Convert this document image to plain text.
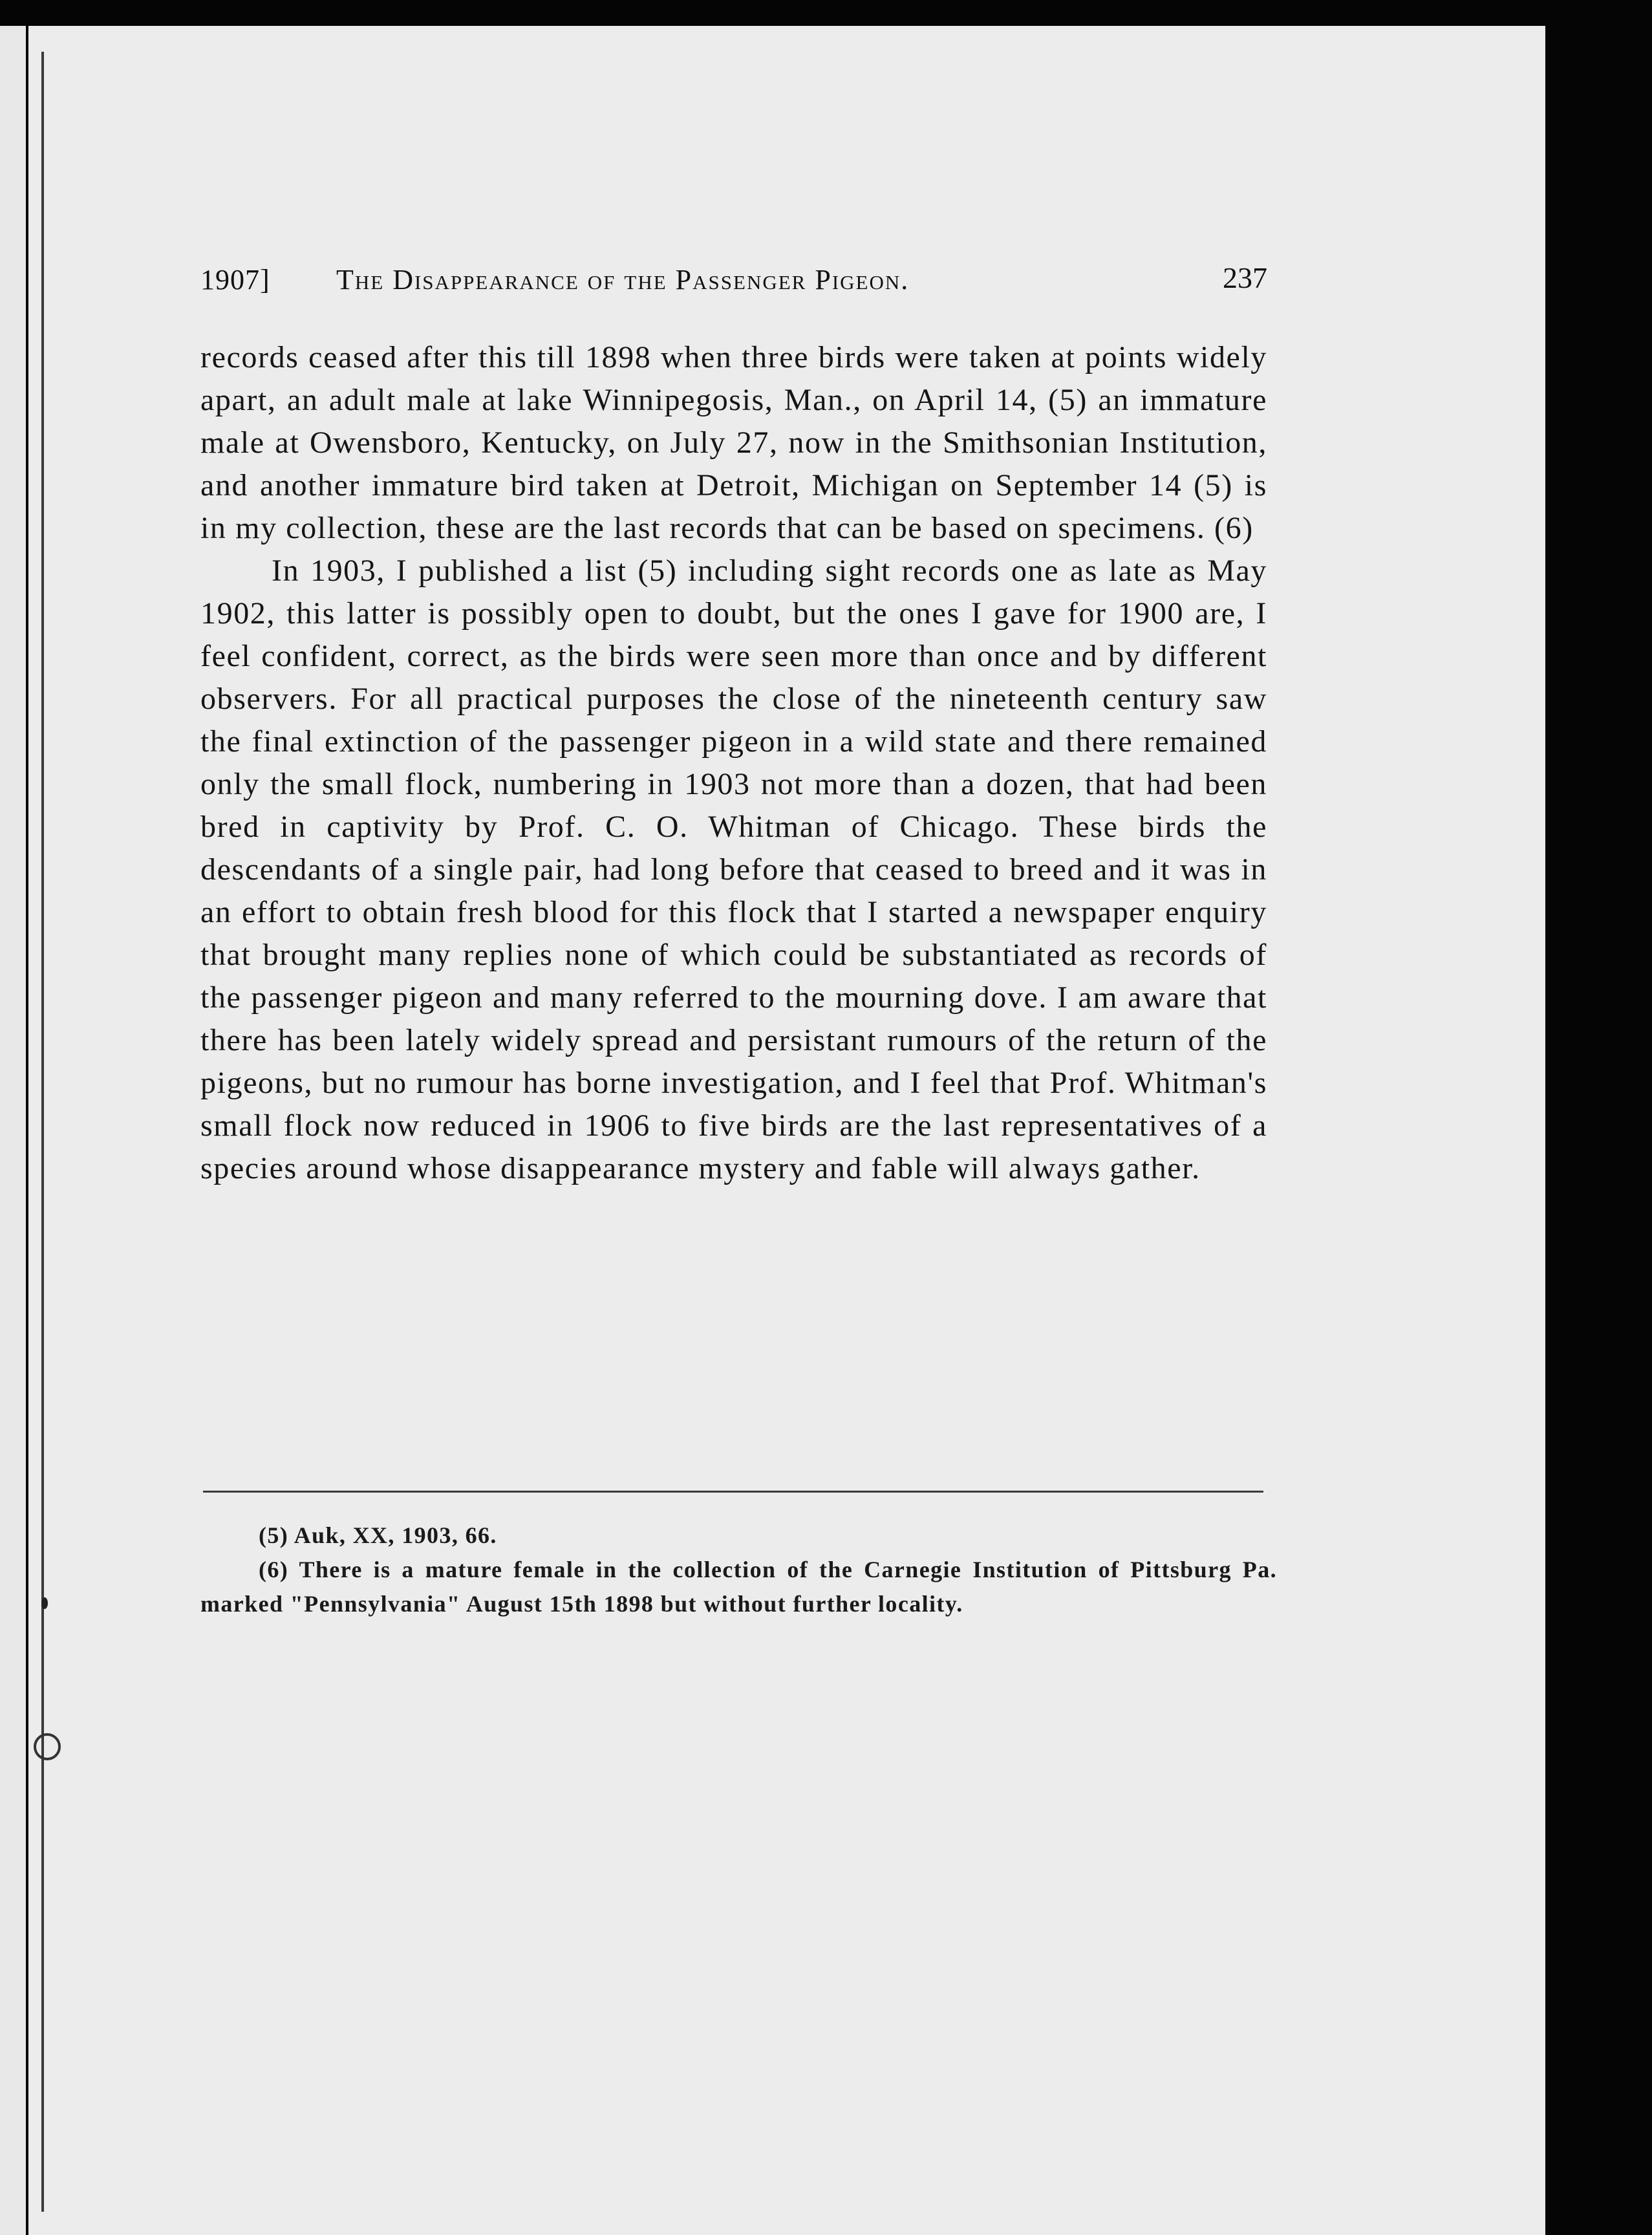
1907] The Disappearance of the Passenger Pigeon.	237

records ceased after this till 1898 when three birds were taken at points widely apart, an adult male at lake Winnipegosis, Man., on April 14, (5) an immature male at Owensboro, Kentucky, on July 27, now in the Smithsonian Institution, and another immature bird taken at Detroit, Michigan on September 14 (5) is in my collection, these are the last records that can be based on specimens. (6)

In 1903, I published a list (5) including sight records one as late as May 1902, this latter is possibly open to doubt, but the ones I gave for 1900 are, I feel confident, correct, as the birds were seen more than once and by different observers. For all practical purposes the close of the nineteenth century saw the final extinction of the passenger pigeon in a wild state and there remained only the small flock, numbering in 1903 not more than a dozen, that had been bred in captivity by Prof. C. O. Whitman of Chicago. These birds the descendants of a single pair, had long before that ceased to breed and it was in an effort to obtain fresh blood for this flock that I started a newspaper enquiry that brought many replies none of which could be substantiated as records of the passenger pigeon and many referred to the mourning dove. I am aware that there has been lately widely spread and persistant rumours of the return of the pigeons, but no rumour has borne investigation, and I feel that Prof. Whitman's small flock now reduced in 1906 to five birds are the last representatives of a species around whose disappearance mystery and fable will always gather.

(5) Auk, XX, 1903, 66.

(6) There is a mature female in the collection of the Carnegie Institution of Pittsburg Pa. marked "Pennsylvania" August 15th 1898 but without further locality.
